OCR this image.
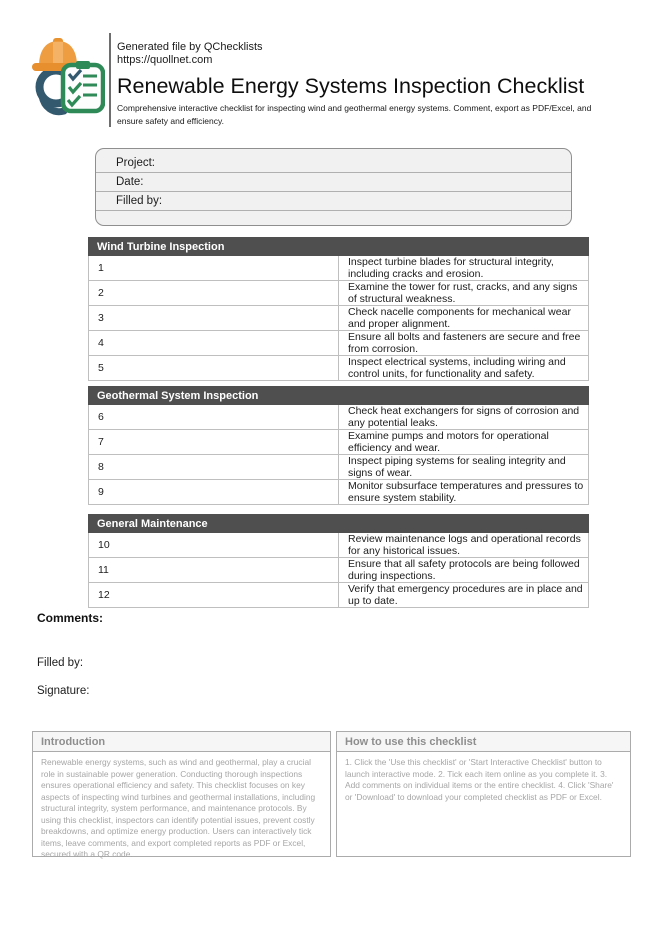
Generated file by QChecklists
https://quollnet.com
Renewable Energy Systems Inspection Checklist
Comprehensive interactive checklist for inspecting wind and geothermal energy systems. Comment, export as PDF/Excel, and ensure safety and efficiency.
Project:
Date:
Filled by:
Wind Turbine Inspection	
1	Inspect turbine blades for structural integrity, including cracks and erosion.
2	Examine the tower for rust, cracks, and any signs of structural weakness.
3	Check nacelle components for mechanical wear and proper alignment.
4	Ensure all bolts and fasteners are secure and free from corrosion.
5	Inspect electrical systems, including wiring and control units, for functionality and safety.
Geothermal System Inspection	
6	Check heat exchangers for signs of corrosion and any potential leaks.
7	Examine pumps and motors for operational efficiency and wear.
8	Inspect piping systems for sealing integrity and signs of wear.
9	Monitor subsurface temperatures and pressures to ensure system stability.
General Maintenance	
10	Review maintenance logs and operational records for any historical issues.
11	Ensure that all safety protocols are being followed during inspections.
12	Verify that emergency procedures are in place and up to date.
Comments:
Filled by:
Signature:
Introduction
Renewable energy systems, such as wind and geothermal, play a crucial role in sustainable power generation. Conducting thorough inspections ensures operational efficiency and safety. This checklist focuses on key aspects of inspecting wind turbines and geothermal installations, including structural integrity, system performance, and maintenance protocols. By using this checklist, inspectors can identify potential issues, prevent costly breakdowns, and optimize energy production. Users can interactively tick items, leave comments, and export completed reports as PDF or Excel, secured with a QR code.
How to use this checklist
1. Click the 'Use this checklist' or 'Start Interactive Checklist' button to launch interactive mode. 2. Tick each item online as you complete it. 3. Add comments on individual items or the entire checklist. 4. Click 'Share' or 'Download' to download your completed checklist as PDF or Excel.
